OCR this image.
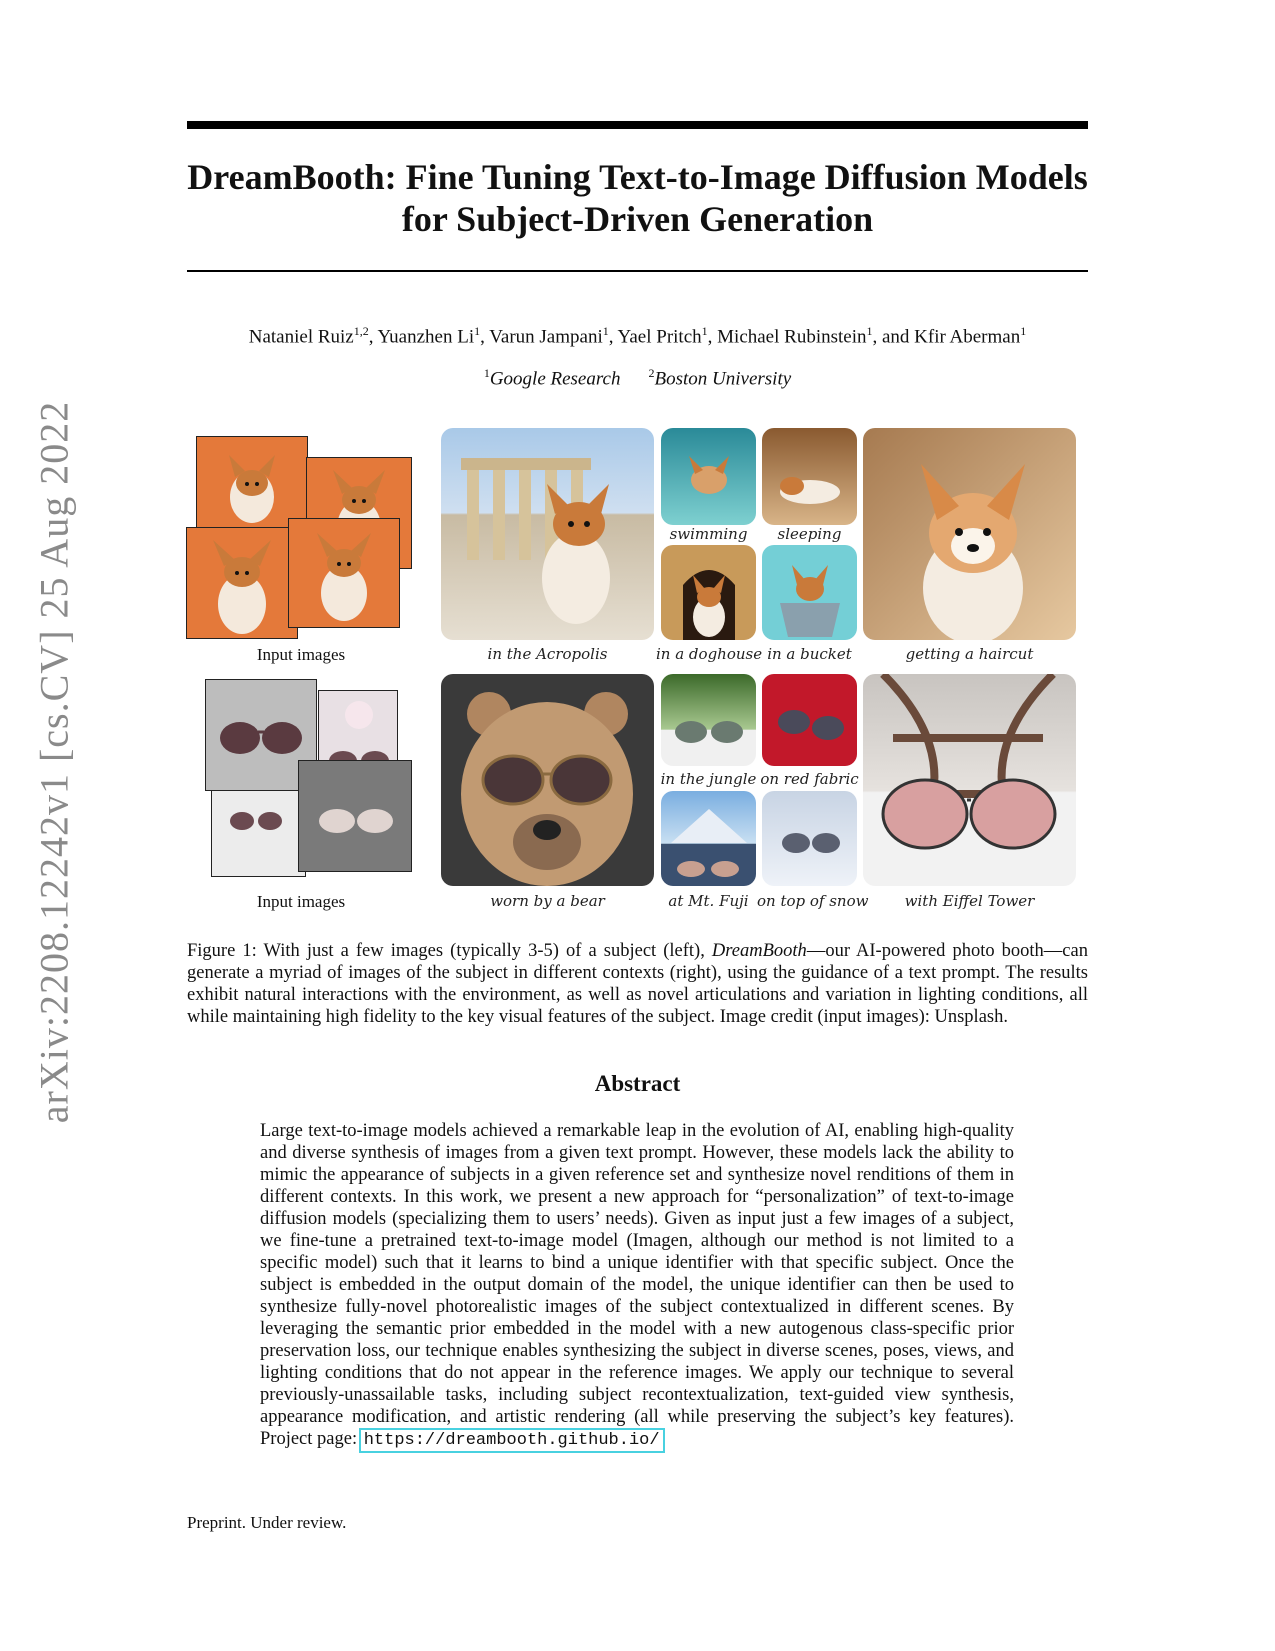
arXiv:2208.12242v1 [cs.CV] 25 Aug 2022
DreamBooth: Fine Tuning Text-to-Image Diffusion Models
for Subject-Driven Generation
Nataniel Ruiz$^{1,2}$, Yuanzhen Li$^1$, Varun Jampani$^1$, Yael Pritch$^1$, Michael Rubinstein$^1$, and Kfir Aberman$^1$
$^1$Google Research $^2$Boston University
Input images	in the Acropolis
swimming	sleeping
in a doghouse in a bucket	getting a haircut
Input images	worn by a bear
in the jungle on red fabric
at Mt. Fuji on top of snow	with Eiffel Tower
Figure 1: With just a few images (typically 3-5) of a subject (left), DreamBooth—our AI-powered photo booth—can generate a myriad of images of the subject in different contexts (right), using the guidance of a text prompt. The results exhibit natural interactions with the environment, as well as novel articulations and variation in lighting conditions, all while maintaining high fidelity to the key visual features of the subject. Image credit (input images): Unsplash.
Abstract
Large text-to-image models achieved a remarkable leap in the evolution of AI, enabling high-quality and diverse synthesis of images from a given text prompt. However, these models lack the ability to mimic the appearance of subjects in a given reference set and synthesize novel renditions of them in different contexts. In this work, we present a new approach for “personalization” of text-to-image diffusion models (specializing them to users’ needs). Given as input just a few images of a subject, we fine-tune a pretrained text-to-image model (Imagen, although our method is not limited to a specific model) such that it learns to bind a unique identifier with that specific subject. Once the subject is embedded in the output domain of the model, the unique identifier can then be used to synthesize fully-novel photorealistic images of the subject contextualized in different scenes. By leveraging the semantic prior embedded in the model with a new autogenous class-specific prior preservation loss, our technique enables synthesizing the subject in diverse scenes, poses, views, and lighting conditions that do not appear in the reference images. We apply our technique to several previously-unassailable tasks, including subject recontextualization, text-guided view synthesis, appearance modification, and artistic rendering (all while preserving the subject’s key features). Project page: https://dreambooth.github.io/
Preprint. Under review.
